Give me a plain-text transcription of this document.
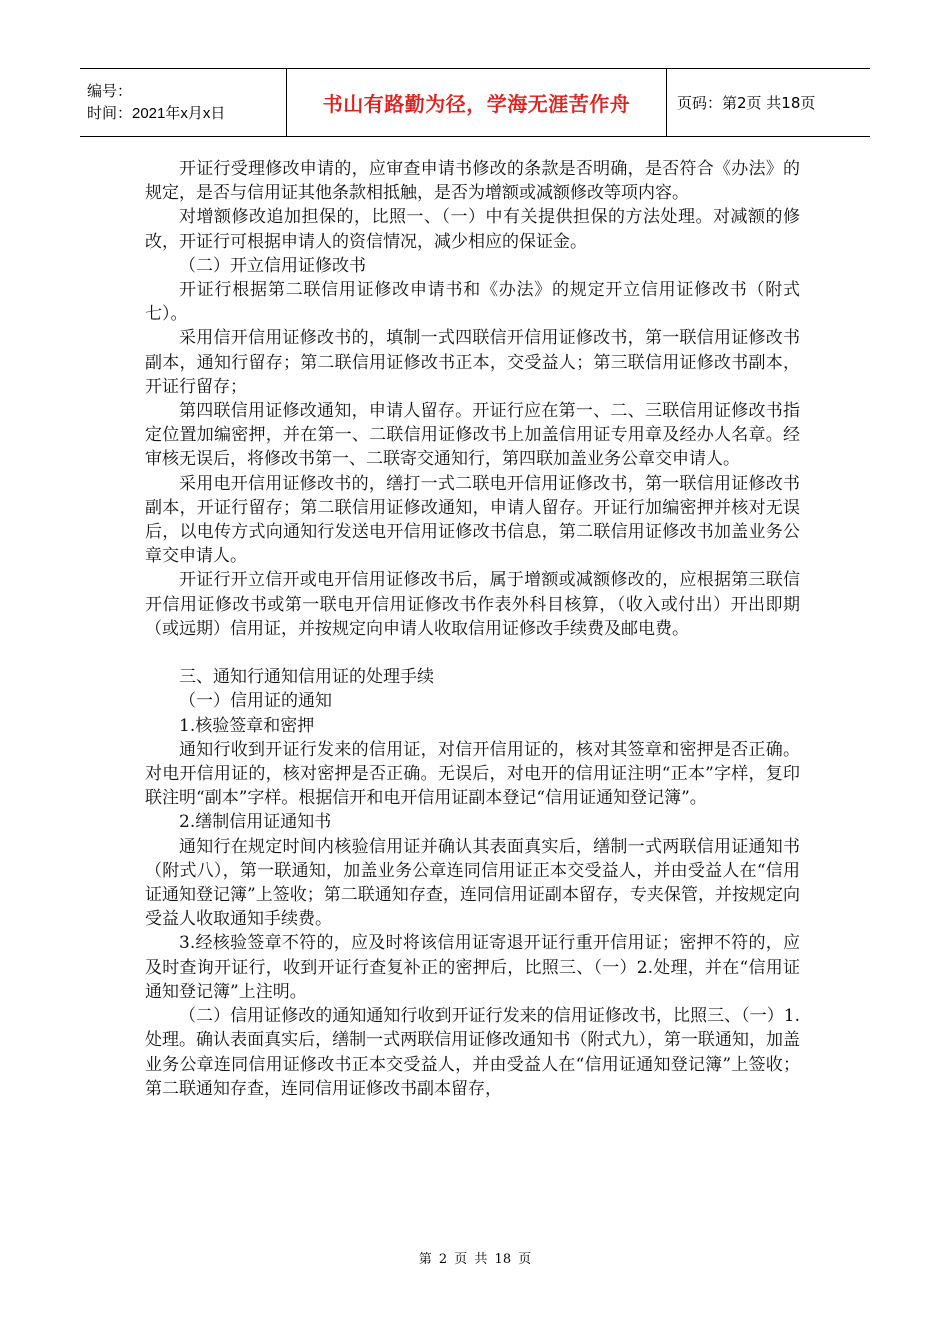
编号：
时间：2021年x月x日	书山有路勤为径，学海无涯苦作舟	页码：第2页 共18页

开证行受理修改申请的，应审查申请书修改的条款是否明确，是否符合《办法》的规定，是否与信用证其他条款相抵触，是否为增额或减额修改等项内容。

对增额修改追加担保的，比照一、（一）中有关提供担保的方法处理。对减额的修改，开证行可根据申请人的资信情况，减少相应的保证金。

（二）开立信用证修改书

开证行根据第二联信用证修改申请书和《办法》的规定开立信用证修改书（附式七）。

采用信开信用证修改书的，填制一式四联信开信用证修改书，第一联信用证修改书副本，通知行留存；第二联信用证修改书正本，交受益人；第三联信用证修改书副本，开证行留存；

第四联信用证修改通知，申请人留存。开证行应在第一、二、三联信用证修改书指定位置加编密押，并在第一、二联信用证修改书上加盖信用证专用章及经办人名章。经审核无误后，将修改书第一、二联寄交通知行，第四联加盖业务公章交申请人。

采用电开信用证修改书的，缮打一式二联电开信用证修改书，第一联信用证修改书副本，开证行留存；第二联信用证修改通知，申请人留存。开证行加编密押并核对无误后，以电传方式向通知行发送电开信用证修改书信息，第二联信用证修改书加盖业务公章交申请人。

开证行开立信开或电开信用证修改书后，属于增额或减额修改的，应根据第三联信开信用证修改书或第一联电开信用证修改书作表外科目核算，（收入或付出）开出即期（或远期）信用证，并按规定向申请人收取信用证修改手续费及邮电费。

三、通知行通知信用证的处理手续

（一）信用证的通知

1.核验签章和密押

通知行收到开证行发来的信用证，对信开信用证的，核对其签章和密押是否正确。对电开信用证的，核对密押是否正确。无误后，对电开的信用证注明“正本”字样，复印联注明“副本”字样。根据信开和电开信用证副本登记“信用证通知登记簿”。

2.缮制信用证通知书

通知行在规定时间内核验信用证并确认其表面真实后，缮制一式两联信用证通知书（附式八），第一联通知，加盖业务公章连同信用证正本交受益人，并由受益人在“信用证通知登记簿”上签收；第二联通知存查，连同信用证副本留存，专夹保管，并按规定向受益人收取通知手续费。

3.经核验签章不符的，应及时将该信用证寄退开证行重开信用证；密押不符的，应及时查询开证行，收到开证行查复补正的密押后，比照三、（一）2.处理，并在“信用证通知登记簿”上注明。

（二）信用证修改的通知通知行收到开证行发来的信用证修改书，比照三、（一）1.处理。确认表面真实后，缮制一式两联信用证修改通知书（附式九），第一联通知，加盖业务公章连同信用证修改书正本交受益人，并由受益人在“信用证通知登记簿”上签收；第二联通知存查，连同信用证修改书副本留存，

第 2 页 共 18 页
